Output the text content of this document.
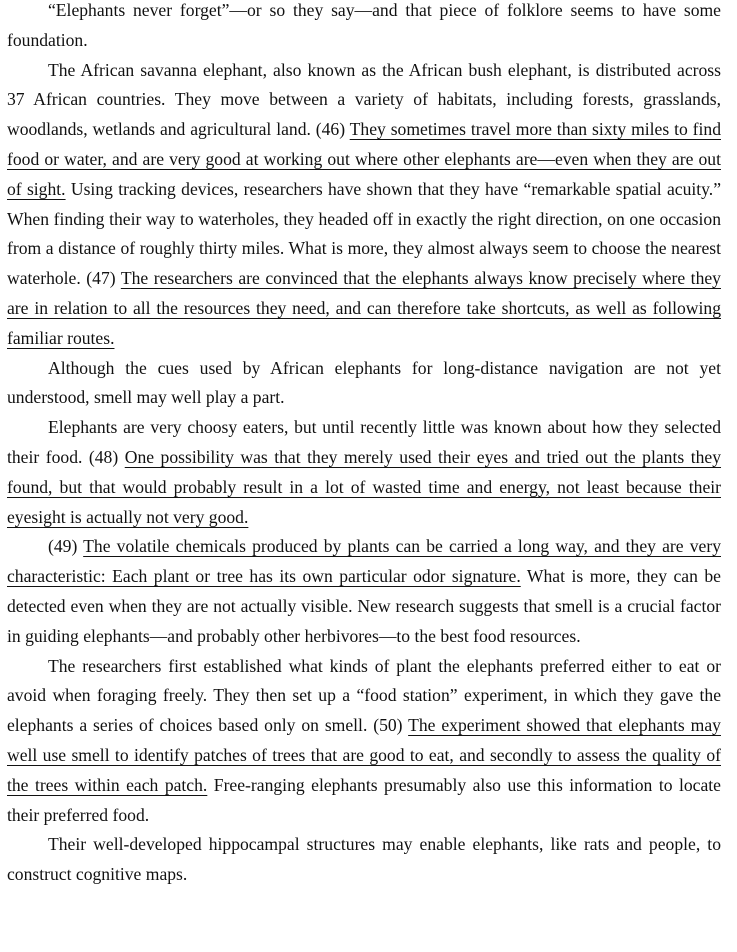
“Elephants never forget”—or so they say—and that piece of folklore seems to have some foundation.

The African savanna elephant, also known as the African bush elephant, is distributed across 37 African countries. They move between a variety of habitats, including forests, grasslands, woodlands, wetlands and agricultural land. (46) They sometimes travel more than sixty miles to find food or water, and are very good at working out where other elephants are—even when they are out of sight. Using tracking devices, researchers have shown that they have “remarkable spatial acuity.” When finding their way to waterholes, they headed off in exactly the right direction, on one occasion from a distance of roughly thirty miles. What is more, they almost always seem to choose the nearest waterhole. (47) The researchers are convinced that the elephants always know precisely where they are in relation to all the resources they need, and can therefore take shortcuts, as well as following familiar routes.

Although the cues used by African elephants for long-distance navigation are not yet understood, smell may well play a part.

Elephants are very choosy eaters, but until recently little was known about how they selected their food. (48) One possibility was that they merely used their eyes and tried out the plants they found, but that would probably result in a lot of wasted time and energy, not least because their eyesight is actually not very good.

(49) The volatile chemicals produced by plants can be carried a long way, and they are very characteristic: Each plant or tree has its own particular odor signature. What is more, they can be detected even when they are not actually visible. New research suggests that smell is a crucial factor in guiding elephants—and probably other herbivores—to the best food resources.

The researchers first established what kinds of plant the elephants preferred either to eat or avoid when foraging freely. They then set up a “food station” experiment, in which they gave the elephants a series of choices based only on smell. (50) The experiment showed that elephants may well use smell to identify patches of trees that are good to eat, and secondly to assess the quality of the trees within each patch. Free-ranging elephants presumably also use this information to locate their preferred food.

Their well-developed hippocampal structures may enable elephants, like rats and people, to construct cognitive maps.
